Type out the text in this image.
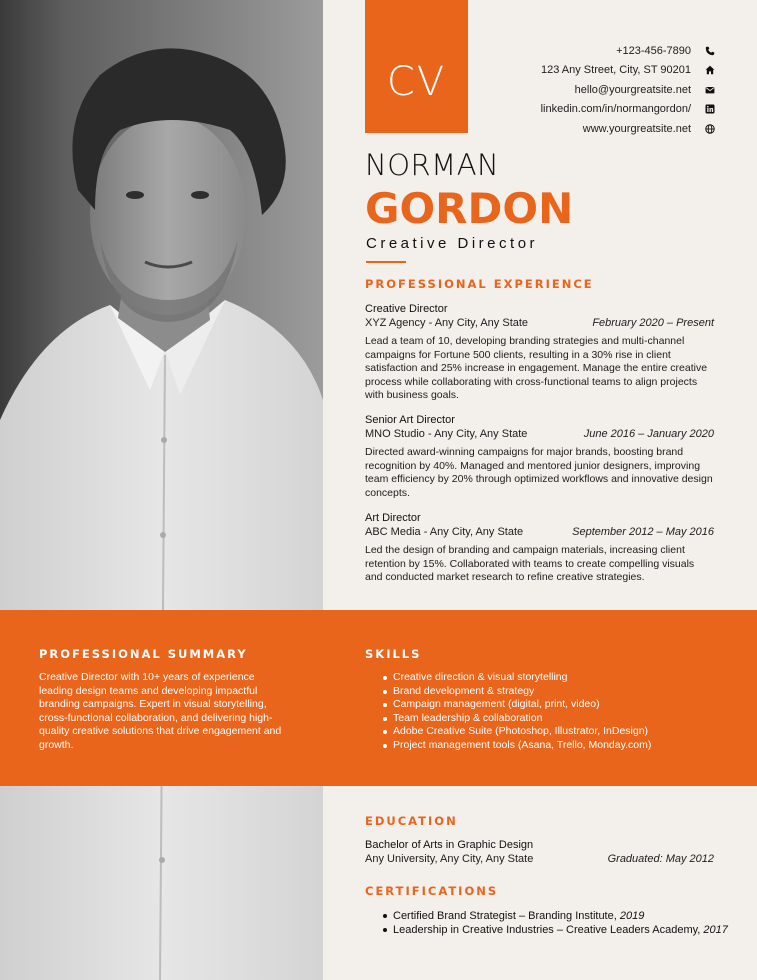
CV
+123-456-7890
123 Any Street, City, ST 90201
hello@yourgreatsite.net
linkedin.com/in/normangordon/
www.yourgreatsite.net
NORMAN
GORDON
Creative Director
PROFESSIONAL EXPERIENCE
Creative Director
XYZ Agency - Any City, Any State	February 2020 – Present
Lead a team of 10, developing branding strategies and multi-channel campaigns for Fortune 500 clients, resulting in a 30% rise in client satisfaction and 25% increase in engagement. Manage the entire creative process while collaborating with cross-functional teams to align projects with business goals.
Senior Art Director
MNO Studio - Any City, Any State	June 2016 – January 2020
Directed award-winning campaigns for major brands, boosting brand recognition by 40%. Managed and mentored junior designers, improving team efficiency by 20% through optimized workflows and innovative design concepts.
Art Director
ABC Media - Any City, Any State	September 2012 – May 2016
Led the design of branding and campaign materials, increasing client retention by 15%. Collaborated with teams to create compelling visuals and conducted market research to refine creative strategies.
PROFESSIONAL SUMMARY
Creative Director with 10+ years of experience leading design teams and developing impactful branding campaigns. Expert in visual storytelling, cross-functional collaboration, and delivering high-quality creative solutions that drive engagement and growth.
SKILLS
Creative direction & visual storytelling
Brand development & strategy
Campaign management (digital, print, video)
Team leadership & collaboration
Adobe Creative Suite (Photoshop, Illustrator, InDesign)
Project management tools (Asana, Trello, Monday.com)
EDUCATION
Bachelor of Arts in Graphic Design
Any University, Any City, Any State	Graduated: May 2012
CERTIFICATIONS
Certified Brand Strategist – Branding Institute, 2019
Leadership in Creative Industries – Creative Leaders Academy, 2017
